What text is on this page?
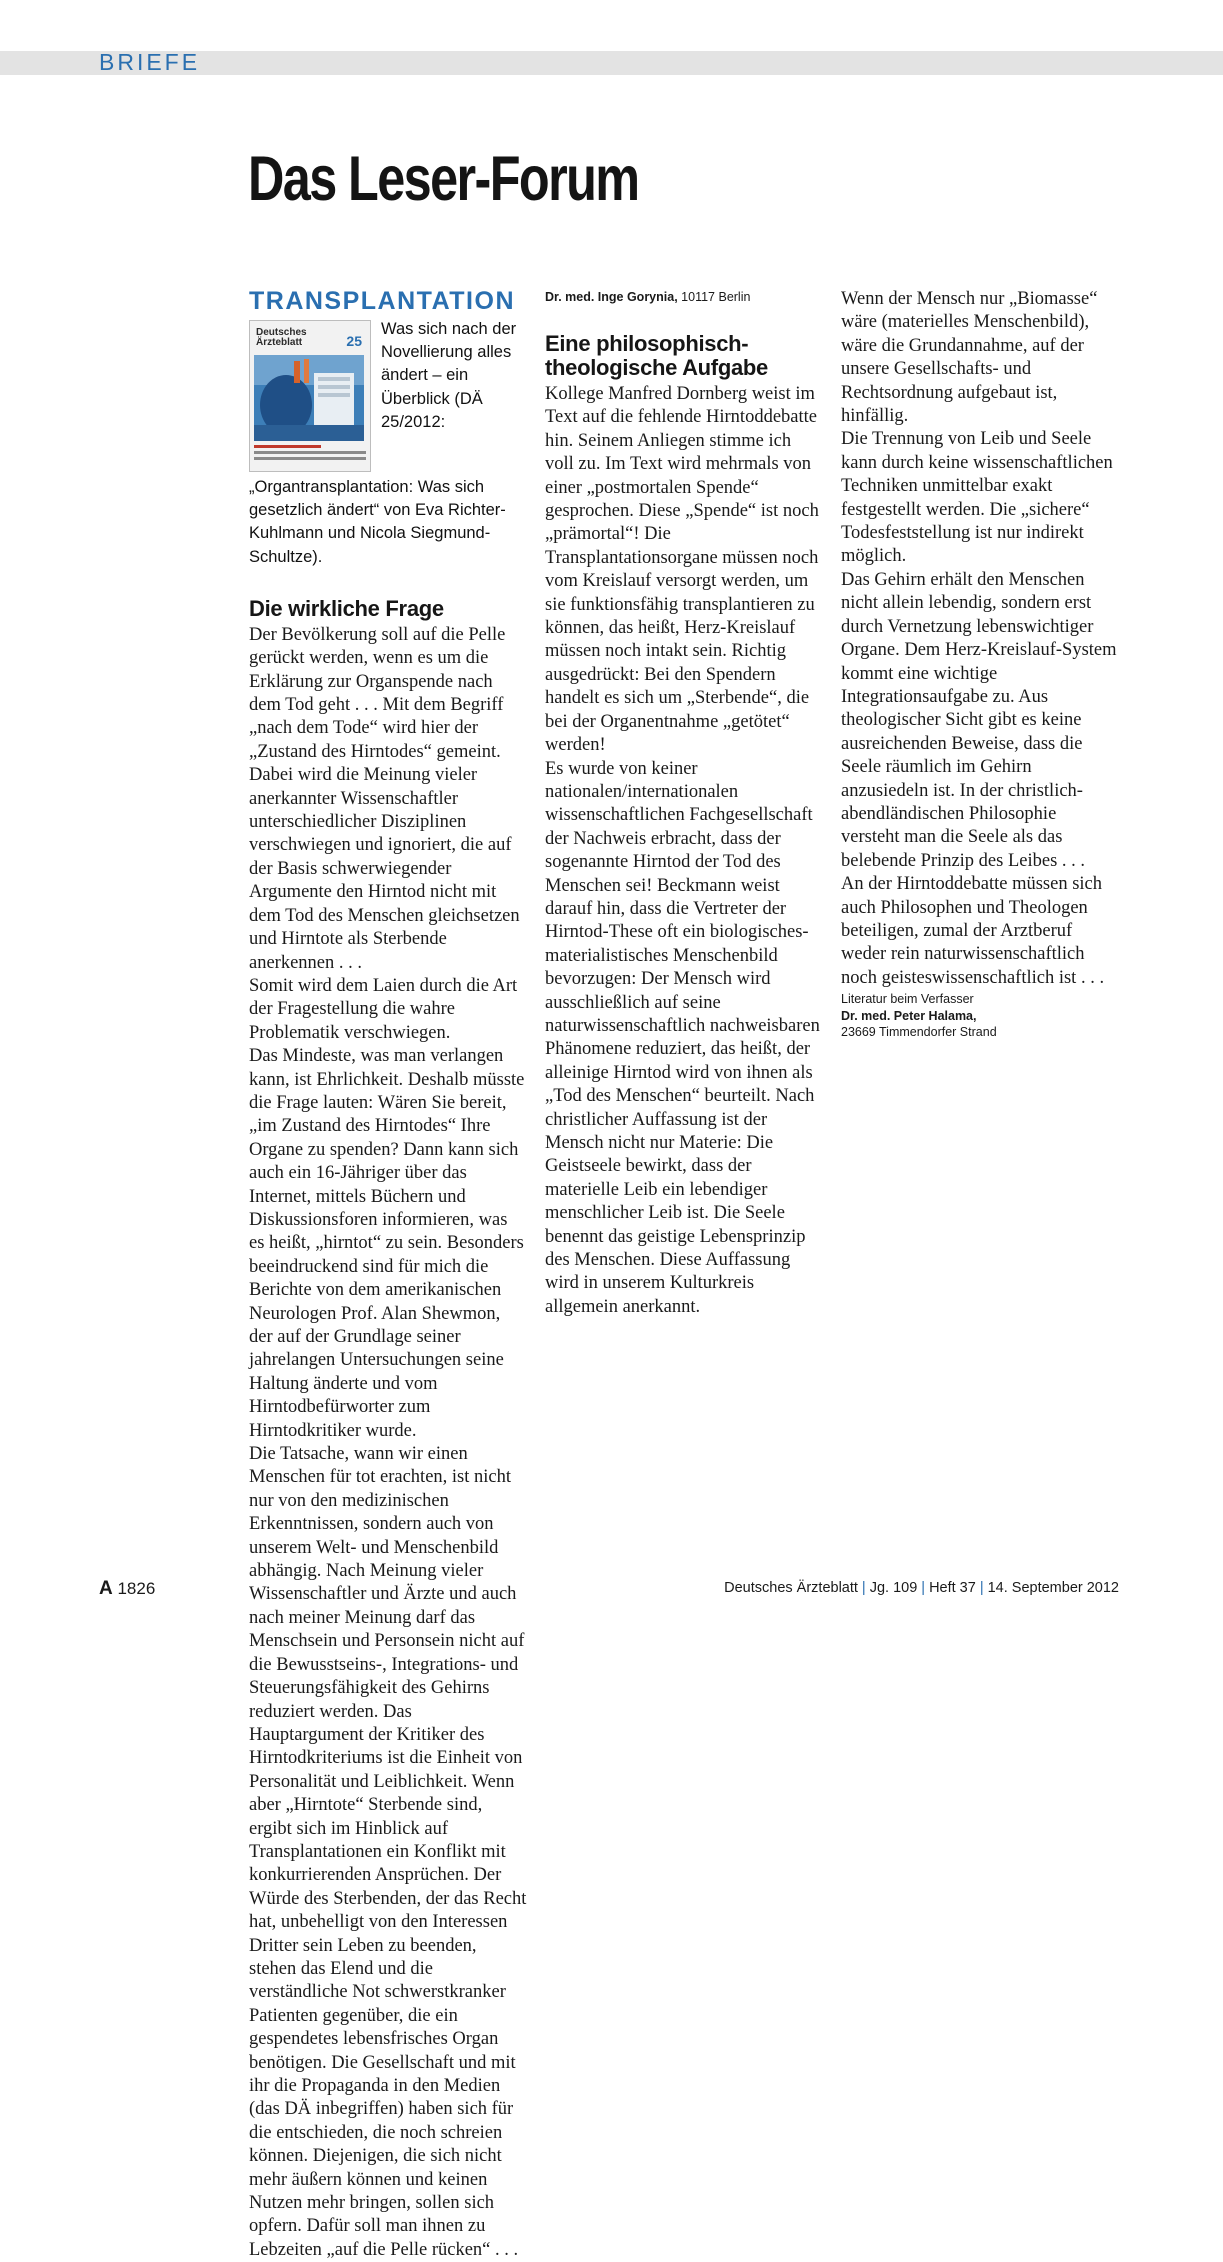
BRIEFE
Das Leser-Forum
TRANSPLANTATION
Deutsches
Ärzteblatt	25
Was sich nach der Novellierung alles ändert – ein Überblick (DÄ 25/2012: „Organtransplantation: Was sich gesetzlich ändert“ von Eva Richter-Kuhlmann und Nicola Siegmund-Schultze).
Die wirkliche Frage

Der Bevölkerung soll auf die Pelle gerückt werden, wenn es um die Erklärung zur Organspende nach dem Tod geht . . . Mit dem Begriff „nach dem Tode“ wird hier der „Zustand des Hirntodes“ gemeint.

Dabei wird die Meinung vieler anerkannter Wissenschaftler unterschiedlicher Disziplinen verschwiegen und ignoriert, die auf der Basis schwerwiegender Argumente den Hirntod nicht mit dem Tod des Menschen gleichsetzen und Hirntote als Sterbende anerkennen . . .

Somit wird dem Laien durch die Art der Fragestellung die wahre Problematik verschwiegen.

Das Mindeste, was man verlangen kann, ist Ehrlichkeit. Deshalb müsste die Frage lauten: Wären Sie bereit, „im Zustand des Hirntodes“ Ihre Organe zu spenden? Dann kann sich auch ein 16-Jähriger über das Internet, mittels Büchern und Diskussionsforen informieren, was es heißt, „hirntot“ zu sein. Besonders beeindruckend sind für mich die Berichte von dem amerikanischen Neurologen Prof. Alan Shewmon, der auf der Grundlage seiner jahrelangen Untersuchungen seine Haltung änderte und vom Hirntodbefürworter zum Hirntodkritiker wurde.

Die Tatsache, wann wir einen Menschen für tot erachten, ist nicht nur von den medizinischen Erkenntnissen, sondern auch von unserem Welt- und Menschenbild abhängig. Nach Meinung vieler Wissenschaftler und Ärzte und auch nach meiner Meinung darf das Menschsein und Personsein nicht auf die Bewusstseins-, Integrations- und Steuerungsfähigkeit des Gehirns reduziert werden. Das Hauptargument der Kritiker des Hirntodkriteriums ist die Einheit von Personalität und Leiblichkeit. Wenn aber „Hirntote“ Sterbende sind, ergibt sich im Hinblick auf Transplantationen ein Konflikt mit konkurrierenden Ansprüchen. Der Würde des Sterbenden, der das Recht hat, unbehelligt von den Interessen Dritter sein Leben zu beenden, stehen das Elend und die verständliche Not schwerstkranker Patienten gegenüber, die ein gespendetes lebensfrisches Organ benötigen. Die Gesellschaft und mit ihr die Propaganda in den Medien (das DÄ inbegriffen) haben sich für die entschieden, die noch schreien können. Diejenigen, die sich nicht mehr äußern können und keinen Nutzen mehr bringen, sollen sich opfern. Dafür soll man ihnen zu Lebzeiten „auf die Pelle rücken“ . . .

Dr. med. Inge Gorynia, 10117 Berlin

Eine philosophisch-theologische Aufgabe

Kollege Manfred Dornberg weist im Text auf die fehlende Hirntoddebatte hin. Seinem Anliegen stimme ich voll zu. Im Text wird mehrmals von einer „postmortalen Spende“ gesprochen. Diese „Spende“ ist noch „prämortal“! Die Transplantationsorgane müssen noch vom Kreislauf versorgt werden, um sie funktionsfähig transplantieren zu können, das heißt, Herz-Kreislauf müssen noch intakt sein. Richtig ausgedrückt: Bei den Spendern handelt es sich um „Sterbende“, die bei der Organentnahme „getötet“ werden!

Es wurde von keiner nationalen/internationalen wissenschaftlichen Fachgesellschaft der Nachweis erbracht, dass der sogenannte Hirntod der Tod des Menschen sei! Beckmann weist darauf hin, dass die Vertreter der Hirntod-These oft ein biologisches-materialistisches Menschenbild bevorzugen: Der Mensch wird ausschließlich auf seine naturwissenschaftlich nachweisbaren Phänomene reduziert, das heißt, der alleinige Hirntod wird von ihnen als „Tod des Menschen“ beurteilt. Nach christlicher Auffassung ist der Mensch nicht nur Materie: Die Geistseele bewirkt, dass der materielle Leib ein lebendiger menschlicher Leib ist. Die Seele benennt das geistige Lebensprinzip des Menschen. Diese Auffassung wird in unserem Kulturkreis allgemein anerkannt.

Wenn der Mensch nur „Biomasse“ wäre (materielles Menschenbild), wäre die Grundannahme, auf der unsere Gesellschafts- und Rechtsordnung aufgebaut ist, hinfällig.

Die Trennung von Leib und Seele kann durch keine wissenschaftlichen Techniken unmittelbar exakt festgestellt werden. Die „sichere“ Todesfeststellung ist nur indirekt möglich.

Das Gehirn erhält den Menschen nicht allein lebendig, sondern erst durch Vernetzung lebenswichtiger Organe. Dem Herz-Kreislauf-System kommt eine wichtige Integrationsaufgabe zu. Aus theologischer Sicht gibt es keine ausreichenden Beweise, dass die Seele räumlich im Gehirn anzusiedeln ist. In der christlich-abendländischen Philosophie versteht man die Seele als das belebende Prinzip des Leibes . . .

An der Hirntoddebatte müssen sich auch Philosophen und Theologen beteiligen, zumal der Arztberuf weder rein naturwissenschaftlich noch geisteswissenschaftlich ist . . .

Literatur beim Verfasser

Dr. med. Peter Halama,
23669 Timmendorfer Strand

A 1826	Deutsches Ärzteblatt | Jg. 109 | Heft 37 | 14. September 2012
